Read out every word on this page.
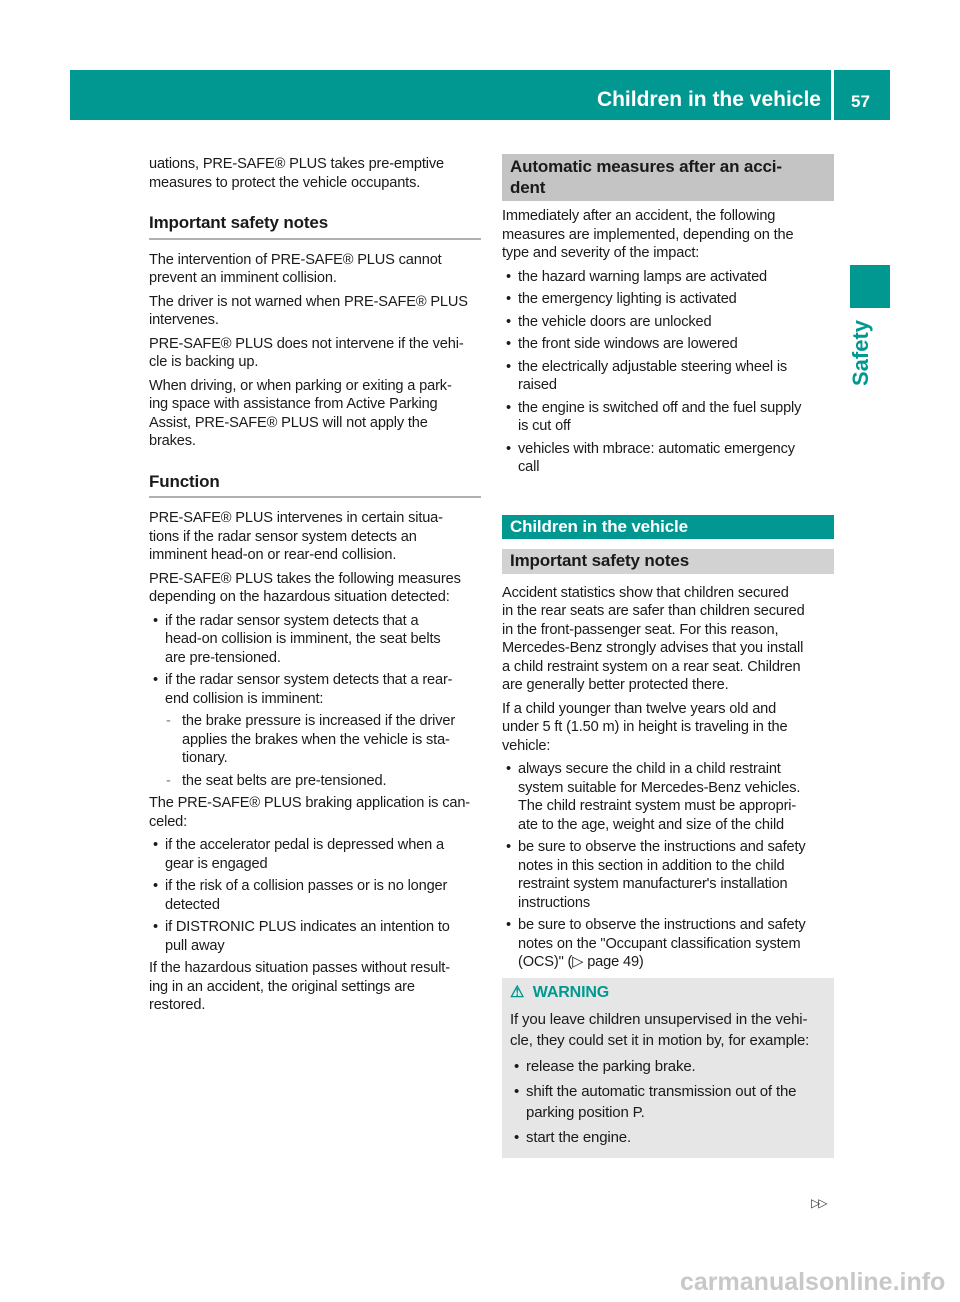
Children in the vehicle	57
Safety
uations, PRE-SAFE® PLUS takes pre-emptive
measures to protect the vehicle occupants.
Important safety notes
The intervention of PRE-SAFE® PLUS cannot
prevent an imminent collision.
The driver is not warned when PRE-SAFE® PLUS
intervenes.
PRE-SAFE® PLUS does not intervene if the vehi-
cle is backing up.
When driving, or when parking or exiting a park-
ing space with assistance from Active Parking
Assist, PRE-SAFE® PLUS will not apply the
brakes.
Function
PRE-SAFE® PLUS intervenes in certain situa-
tions if the radar sensor system detects an
imminent head-on or rear-end collision.
PRE-SAFE® PLUS takes the following measures
depending on the hazardous situation detected:
• if the radar sensor system detects that a
head-on collision is imminent, the seat belts
are pre-tensioned.
• if the radar sensor system detects that a rear-
end collision is imminent:
- the brake pressure is increased if the driver
applies the brakes when the vehicle is sta-
tionary.
- the seat belts are pre-tensioned.
The PRE-SAFE® PLUS braking application is can-
celed:
• if the accelerator pedal is depressed when a
gear is engaged
• if the risk of a collision passes or is no longer
detected
• if DISTRONIC PLUS indicates an intention to
pull away
If the hazardous situation passes without result-
ing in an accident, the original settings are
restored.
Automatic measures after an acci-
dent
Immediately after an accident, the following
measures are implemented, depending on the
type and severity of the impact:
• the hazard warning lamps are activated
• the emergency lighting is activated
• the vehicle doors are unlocked
• the front side windows are lowered
• the electrically adjustable steering wheel is
raised
• the engine is switched off and the fuel supply
is cut off
• vehicles with mbrace: automatic emergency
call
Children in the vehicle
Important safety notes
Accident statistics show that children secured
in the rear seats are safer than children secured
in the front-passenger seat. For this reason,
Mercedes-Benz strongly advises that you install
a child restraint system on a rear seat. Children
are generally better protected there.
If a child younger than twelve years old and
under 5 ft (1.50 m) in height is traveling in the
vehicle:
• always secure the child in a child restraint
system suitable for Mercedes-Benz vehicles.
The child restraint system must be appropri-
ate to the age, weight and size of the child
• be sure to observe the instructions and safety
notes in this section in addition to the child
restraint system manufacturer's installation
instructions
• be sure to observe the instructions and safety
notes on the "Occupant classification system
(OCS)" (▷ page 49)
⚠ WARNING
If you leave children unsupervised in the vehi-
cle, they could set it in motion by, for example:
• release the parking brake.
• shift the automatic transmission out of the
parking position P.
• start the engine.
▷▷
carmanualsonline.info
